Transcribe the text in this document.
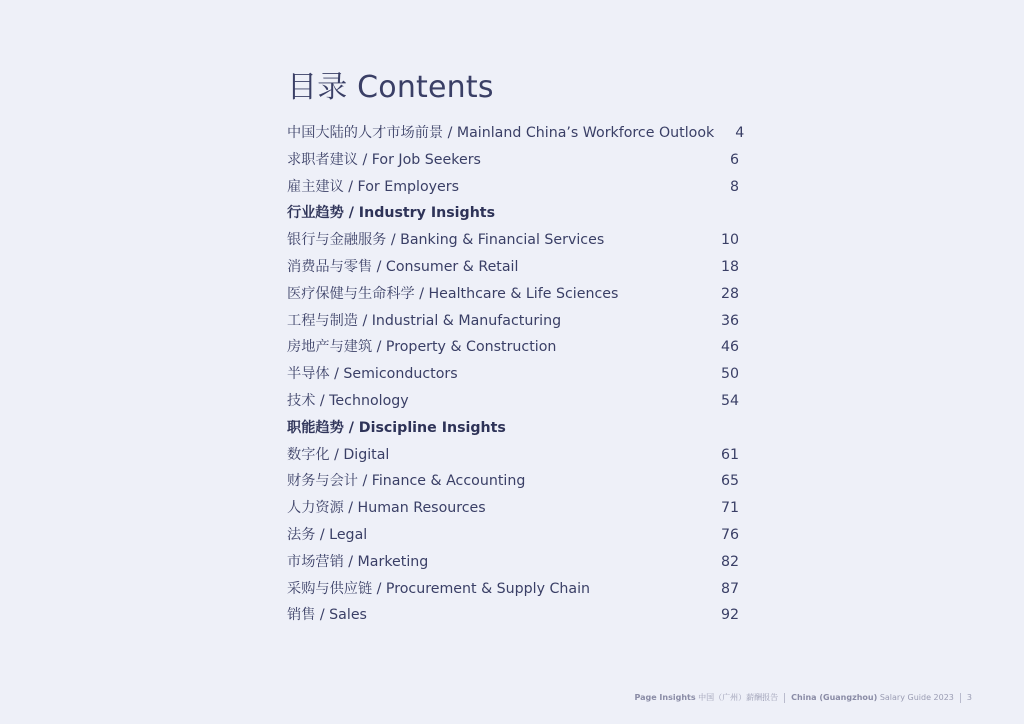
目录 Contents
中国大陆的人才市场前景 / Mainland China’s Workforce Outlook	4
求职者建议 / For Job Seekers	6
雇主建议 / For Employers	8
行业趋势 / Industry Insights
银行与金融服务 / Banking & Financial Services	10
消费品与零售 / Consumer & Retail	18
医疗保健与生命科学 / Healthcare & Life Sciences	28
工程与制造 / Industrial & Manufacturing	36
房地产与建筑 / Property & Construction	46
半导体 / Semiconductors	50
技术 / Technology	54
职能趋势 / Discipline Insights
数字化 / Digital	61
财务与会计 / Finance & Accounting	65
人力资源 / Human Resources	71
法务 / Legal	76
市场营销 / Marketing	82
采购与供应链 / Procurement & Supply Chain	87
销售 / Sales	92
Page Insights 中国（广州）薪酬报告 China (Guangzhou) Salary Guide 2023 3
